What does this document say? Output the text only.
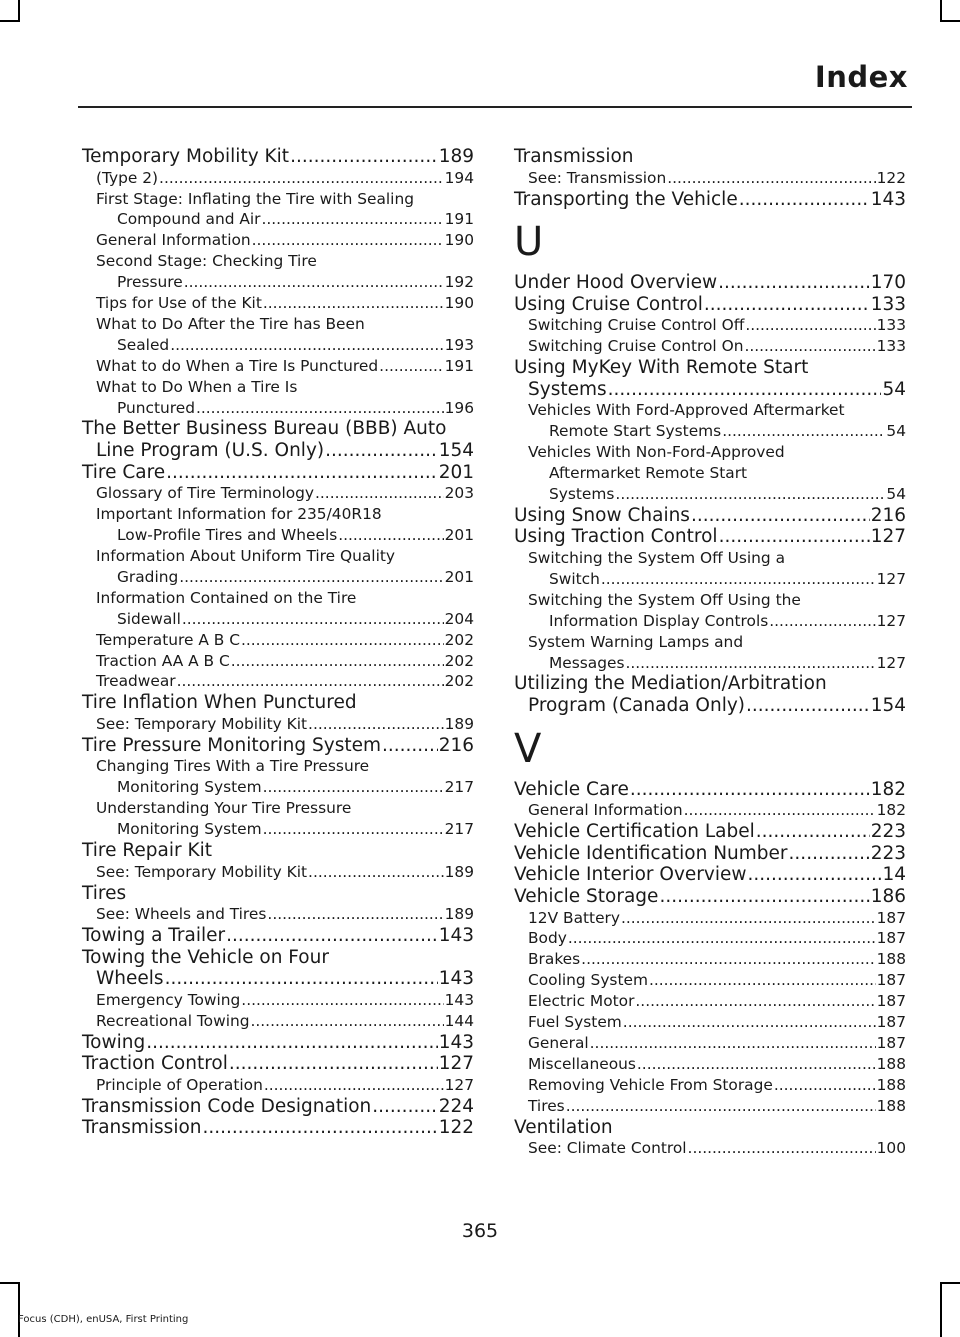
Index
Temporary Mobility Kit .....	189
(Type 2) .....	194
First Stage: Inflating the Tire with Sealing
Compound and Air .....	191
General Information .....	190
Second Stage: Checking Tire
Pressure .....	192
Tips for Use of the Kit .....	190
What to Do After the Tire has Been
Sealed .....	193
What to do When a Tire Is Punctured .....	191
What to Do When a Tire Is
Punctured .....	196
The Better Business Bureau (BBB) Auto
Line Program (U.S. Only) .....	154
Tire Care .....	201
Glossary of Tire Terminology .....	203
Important Information for 235/40R18
Low-Profile Tires and Wheels .....	201
Information About Uniform Tire Quality
Grading .....	201
Information Contained on the Tire
Sidewall .....	204
Temperature A B C .....	202
Traction AA A B C .....	202
Treadwear .....	202
Tire Inflation When Punctured
See: Temporary Mobility Kit .....	189
Tire Pressure Monitoring System .....	216
Changing Tires With a Tire Pressure
Monitoring System .....	217
Understanding Your Tire Pressure
Monitoring System .....	217
Tire Repair Kit
See: Temporary Mobility Kit .....	189
Tires
See: Wheels and Tires .....	189
Towing a Trailer .....	143
Towing the Vehicle on Four
Wheels .....	143
Emergency Towing .....	143
Recreational Towing .....	144
Towing .....	143
Traction Control .....	127
Principle of Operation .....	127
Transmission Code Designation .....	224
Transmission .....	122
Transmission
See: Transmission .....	122
Transporting the Vehicle .....	143
U
Under Hood Overview .....	170
Using Cruise Control .....	133
Switching Cruise Control Off .....	133
Switching Cruise Control On .....	133
Using MyKey With Remote Start
Systems .....	54
Vehicles With Ford-Approved Aftermarket
Remote Start Systems .....	54
Vehicles With Non-Ford-Approved
Aftermarket Remote Start
Systems .....	54
Using Snow Chains .....	216
Using Traction Control .....	127
Switching the System Off Using a
Switch .....	127
Switching the System Off Using the
Information Display Controls .....	127
System Warning Lamps and
Messages .....	127
Utilizing the Mediation/Arbitration
Program (Canada Only) .....	154
V
Vehicle Care .....	182
General Information .....	182
Vehicle Certification Label .....	223
Vehicle Identification Number .....	223
Vehicle Interior Overview .....	14
Vehicle Storage .....	186
12V Battery .....	187
Body .....	187
Brakes .....	188
Cooling System .....	187
Electric Motor .....	187
Fuel System .....	187
General .....	187
Miscellaneous .....	188
Removing Vehicle From Storage .....	188
Tires .....	188
Ventilation
See: Climate Control .....	100
365
Focus (CDH), enUSA, First Printing
